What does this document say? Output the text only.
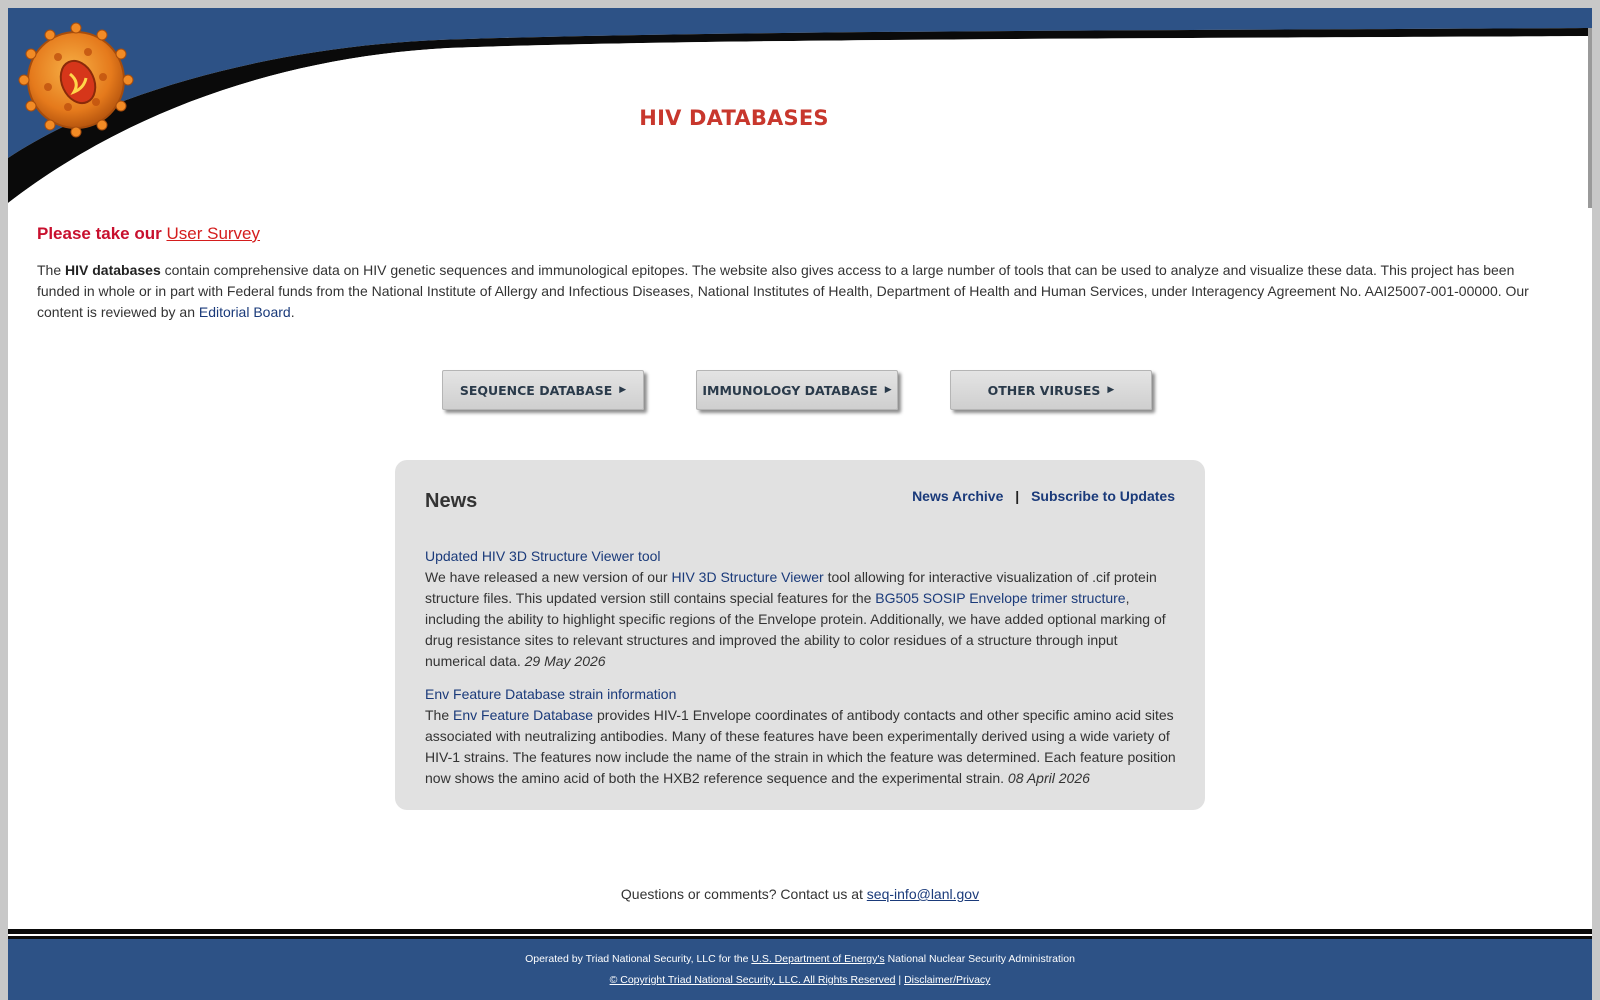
HIV DATABASES
Please take our User Survey
The HIV databases contain comprehensive data on HIV genetic sequences and immunological epitopes. The website also gives access to a large number of tools that can be used to analyze and visualize these data. This project has been funded in whole or in part with Federal funds from the National Institute of Allergy and Infectious Diseases, National Institutes of Health, Department of Health and Human Services, under Interagency Agreement No. AAI25007-001-00000. Our content is reviewed by an Editorial Board.
SEQUENCE DATABASE ▶	IMMUNOLOGY DATABASE ▶	OTHER VIRUSES ▶
News	News Archive | Subscribe to Updates
Updated HIV 3D Structure Viewer tool
We have released a new version of our HIV 3D Structure Viewer tool allowing for interactive visualization of .cif protein structure files. This updated version still contains special features for the BG505 SOSIP Envelope trimer structure, including the ability to highlight specific regions of the Envelope protein. Additionally, we have added optional marking of drug resistance sites to relevant structures and improved the ability to color residues of a structure through input numerical data. 29 May 2026
Env Feature Database strain information
The Env Feature Database provides HIV-1 Envelope coordinates of antibody contacts and other specific amino acid sites associated with neutralizing antibodies. Many of these features have been experimentally derived using a wide variety of HIV-1 strains. The features now include the name of the strain in which the feature was determined. Each feature position now shows the amino acid of both the HXB2 reference sequence and the experimental strain. 08 April 2026
Questions or comments? Contact us at seq-info@lanl.gov
Operated by Triad National Security, LLC for the U.S. Department of Energy's National Nuclear Security Administration
© Copyright Triad National Security, LLC. All Rights Reserved | Disclaimer/Privacy
